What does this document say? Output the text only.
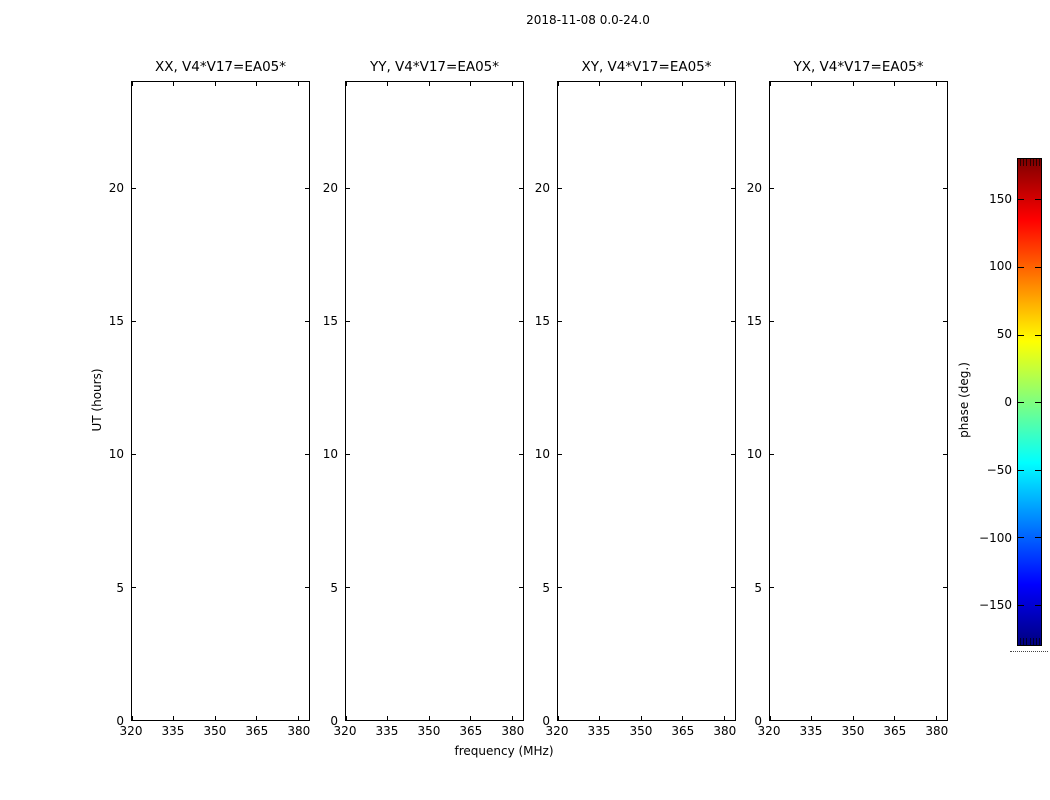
2018-11-08 0.0-24.0
UT (hours)
frequency (MHz)
XX, V4*V17=EA05*
320 335 350 365 380
0
5
10
15
20
YY, V4*V17=EA05*
320 335 350 365 380
0
5
10
15
20
XY, V4*V17=EA05*
320 335 350 365 380
0
5
10
15
20
YX, V4*V17=EA05*
320 335 350 365 380
0
5
10
15
20
150
100
50
0
−50
−100
−150
phase (deg.)
